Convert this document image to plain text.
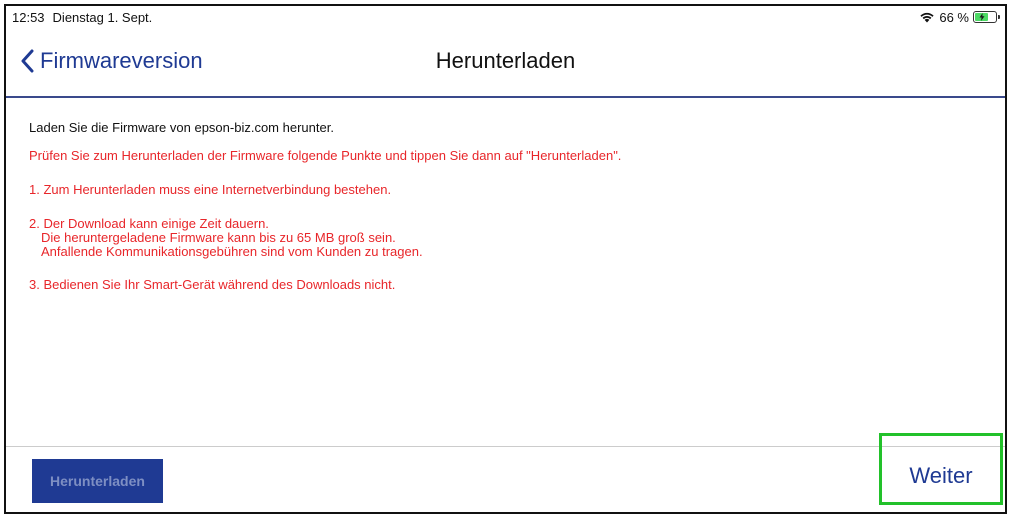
12:53 Dienstag 1. Sept.	66 %
Firmwareversion	Herunterladen

Laden Sie die Firmware von epson-biz.com herunter.

Prüfen Sie zum Herunterladen der Firmware folgende Punkte und tippen Sie dann auf "Herunterladen".

1. Zum Herunterladen muss eine Internetverbindung bestehen.

2. Der Download kann einige Zeit dauern.

Die heruntergeladene Firmware kann bis zu 65 MB groß sein.
Anfallende Kommunikationsgebühren sind vom Kunden zu tragen.

3. Bedienen Sie Ihr Smart-Gerät während des Downloads nicht.

Herunterladen	Weiter
